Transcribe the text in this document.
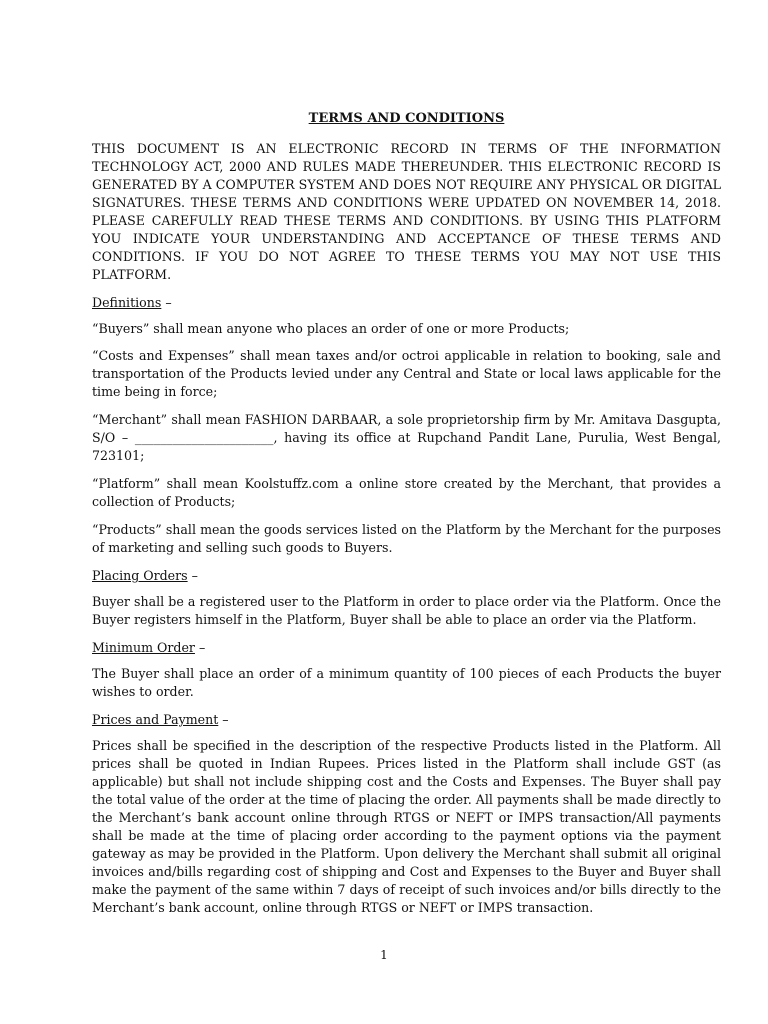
TERMS AND CONDITIONS

THIS DOCUMENT IS AN ELECTRONIC RECORD IN TERMS OF THE INFORMATION TECHNOLOGY ACT, 2000 AND RULES MADE THEREUNDER. THIS ELECTRONIC RECORD IS GENERATED BY A COMPUTER SYSTEM AND DOES NOT REQUIRE ANY PHYSICAL OR DIGITAL SIGNATURES. THESE TERMS AND CONDITIONS WERE UPDATED ON NOVEMBER 14, 2018. PLEASE CAREFULLY READ THESE TERMS AND CONDITIONS. BY USING THIS PLATFORM YOU INDICATE YOUR UNDERSTANDING AND ACCEPTANCE OF THESE TERMS AND CONDITIONS. IF YOU DO NOT AGREE TO THESE TERMS YOU MAY NOT USE THIS PLATFORM.

Definitions –

“Buyers” shall mean anyone who places an order of one or more Products;

“Costs and Expenses” shall mean taxes and/or octroi applicable in relation to booking, sale and transportation of the Products levied under any Central and State or local laws applicable for the time being in force;

“Merchant” shall mean FASHION DARBAAR, a sole proprietorship firm by Mr. Amitava Dasgupta, S/O – ______________________, having its office at Rupchand Pandit Lane, Purulia, West Bengal, 723101;

“Platform” shall mean Koolstuffz.com a online store created by the Merchant, that provides a collection of Products;

“Products” shall mean the goods services listed on the Platform by the Merchant for the purposes of marketing and selling such goods to Buyers.

Placing Orders –

Buyer shall be a registered user to the Platform in order to place order via the Platform. Once the Buyer registers himself in the Platform, Buyer shall be able to place an order via the Platform.

Minimum Order –

The Buyer shall place an order of a minimum quantity of 100 pieces of each Products the buyer wishes to order.

Prices and Payment –

Prices shall be specified in the description of the respective Products listed in the Platform. All prices shall be quoted in Indian Rupees. Prices listed in the Platform shall include GST (as applicable) but shall not include shipping cost and the Costs and Expenses. The Buyer shall pay the total value of the order at the time of placing the order. All payments shall be made directly to the Merchant’s bank account online through RTGS or NEFT or IMPS transaction/All payments shall be made at the time of placing order according to the payment options via the payment gateway as may be provided in the Platform. Upon delivery the Merchant shall submit all original invoices and/bills regarding cost of shipping and Cost and Expenses to the Buyer and Buyer shall make the payment of the same within 7 days of receipt of such invoices and/or bills directly to the Merchant’s bank account, online through RTGS or NEFT or IMPS transaction.

1
